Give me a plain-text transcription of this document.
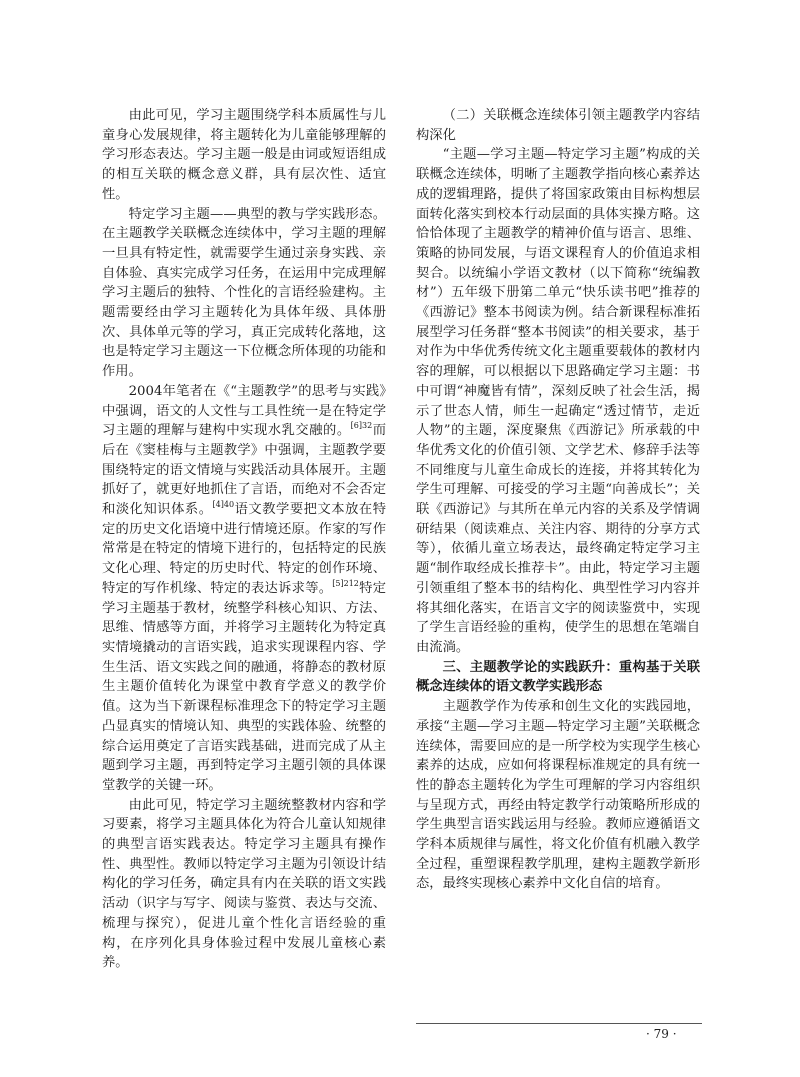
由此可见，学习主题围绕学科本质属性与儿童身心发展规律，将主题转化为儿童能够理解的学习形态表达。学习主题一般是由词或短语组成的相互关联的概念意义群，具有层次性、适宜性。

特定学习主题——典型的教与学实践形态。在主题教学关联概念连续体中，学习主题的理解一旦具有特定性，就需要学生通过亲身实践、亲自体验、真实完成学习任务，在运用中完成理解学习主题后的独特、个性化的言语经验建构。主题需要经由学习主题转化为具体年级、具体册次、具体单元等的学习，真正完成转化落地，这也是特定学习主题这一下位概念所体现的功能和作用。

2004年笔者在《“主题教学”的思考与实践》中强调，语文的人文性与工具性统一是在特定学习主题的理解与建构中实现水乳交融的。$^{[6]32}$而后在《窦桂梅与主题教学》中强调，主题教学要围绕特定的语文情境与实践活动具体展开。主题抓好了，就更好地抓住了言语，而绝对不会否定和淡化知识体系。$^{[4]40}$语文教学要把文本放在特定的历史文化语境中进行情境还原。作家的写作常常是在特定的情境下进行的，包括特定的民族文化心理、特定的历史时代、特定的创作环境、特定的写作机缘、特定的表达诉求等。$^{[5]212}$特定学习主题基于教材，统整学科核心知识、方法、思维、情感等方面，并将学习主题转化为特定真实情境撬动的言语实践，追求实现课程内容、学生生活、语文实践之间的融通，将静态的教材原生主题价值转化为课堂中教育学意义的教学价值。这为当下新课程标准理念下的特定学习主题凸显真实的情境认知、典型的实践体验、统整的综合运用奠定了言语实践基础，进而完成了从主题到学习主题，再到特定学习主题引领的具体课堂教学的关键一环。

由此可见，特定学习主题统整教材内容和学习要素，将学习主题具体化为符合儿童认知规律的典型言语实践表达。特定学习主题具有操作性、典型性。教师以特定学习主题为引领设计结构化的学习任务，确定具有内在关联的语文实践活动（识字与写字、阅读与鉴赏、表达与交流、梳理与探究），促进儿童个性化言语经验的重构，在序列化具身体验过程中发展儿童核心素养。

（二）关联概念连续体引领主题教学内容结构深化

“主题—学习主题—特定学习主题”构成的关联概念连续体，明晰了主题教学指向核心素养达成的逻辑理路，提供了将国家政策由目标构想层面转化落实到校本行动层面的具体实操方略。这恰恰体现了主题教学的精神价值与语言、思维、策略的协同发展，与语文课程育人的价值追求相契合。以统编小学语文教材（以下简称“统编教材”）五年级下册第二单元“快乐读书吧”推荐的《西游记》整本书阅读为例。结合新课程标准拓展型学习任务群“整本书阅读”的相关要求，基于对作为中华优秀传统文化主题重要载体的教材内容的理解，可以根据以下思路确定学习主题：书中可谓“神魔皆有情”，深刻反映了社会生活，揭示了世态人情，师生一起确定“透过情节，走近人物”的主题，深度聚焦《西游记》所承载的中华优秀文化的价值引领、文学艺术、修辞手法等不同维度与儿童生命成长的连接，并将其转化为学生可理解、可接受的学习主题“向善成长”；关联《西游记》与其所在单元内容的关系及学情调研结果（阅读难点、关注内容、期待的分享方式等），依循儿童立场表达，最终确定特定学习主题“制作取经成长推荐卡”。由此，特定学习主题引领重组了整本书的结构化、典型性学习内容并将其细化落实，在语言文字的阅读鉴赏中，实现了学生言语经验的重构，使学生的思想在笔端自由流淌。

三、主题教学论的实践跃升：重构基于关联概念连续体的语文教学实践形态

主题教学作为传承和创生文化的实践园地，承接“主题—学习主题—特定学习主题”关联概念连续体，需要回应的是一所学校为实现学生核心素养的达成，应如何将课程标准规定的具有统一性的静态主题转化为学生可理解的学习内容组织与呈现方式，再经由特定教学行动策略所形成的学生典型言语实践运用与经验。教师应遵循语文学科本质规律与属性，将文化价值有机融入教学全过程，重塑课程教学肌理，建构主题教学新形态，最终实现核心素养中文化自信的培育。

· 79 ·
